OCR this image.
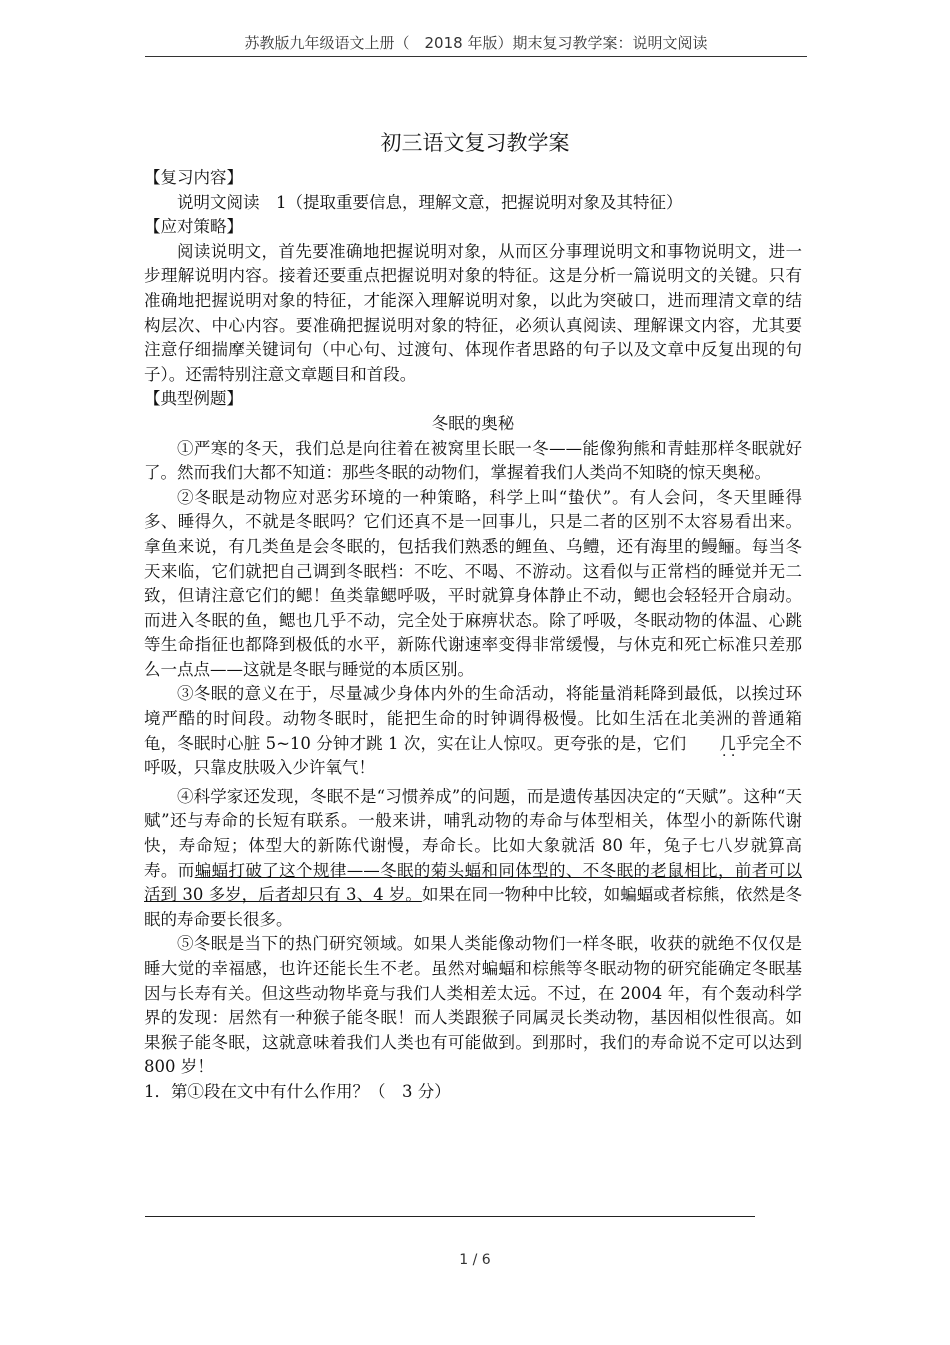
苏教版九年级语文上册（　2018 年版）期末复习教学案：说明文阅读
初三语文复习教学案

【复习内容】

说明文阅读　1（提取重要信息，理解文意，把握说明对象及其特征）

【应对策略】

阅读说明文，首先要准确地把握说明对象，从而区分事理说明文和事物说明文，进一步理解说明内容。接着还要重点把握说明对象的特征。这是分析一篇说明文的关键。只有准确地把握说明对象的特征，才能深入理解说明对象，以此为突破口，进而理清文章的结构层次、中心内容。要准确把握说明对象的特征，必须认真阅读、理解课文内容，尤其要注意仔细揣摩关键词句（中心句、过渡句、体现作者思路的句子以及文章中反复出现的句子）。还需特别注意文章题目和首段。

【典型例题】

冬眠的奥秘

①严寒的冬天，我们总是向往着在被窝里长眠一冬——能像狗熊和青蛙那样冬眠就好了。然而我们大都不知道：那些冬眠的动物们，掌握着我们人类尚不知晓的惊天奥秘。

②冬眠是动物应对恶劣环境的一种策略，科学上叫“蛰伏”。有人会问，冬天里睡得多、睡得久，不就是冬眠吗？它们还真不是一回事儿，只是二者的区别不太容易看出来。拿鱼来说，有几类鱼是会冬眠的，包括我们熟悉的鲤鱼、乌鳢，还有海里的鳗鲡。每当冬天来临，它们就把自己调到冬眠档：不吃、不喝、不游动。这看似与正常档的睡觉并无二致，但请注意它们的鳃！鱼类靠鳃呼吸，平时就算身体静止不动，鳃也会轻轻开合扇动。而进入冬眠的鱼，鳃也几乎不动，完全处于麻痹状态。除了呼吸，冬眠动物的体温、心跳等生命指征也都降到极低的水平，新陈代谢速率变得非常缓慢，与休克和死亡标准只差那么一点点——这就是冬眠与睡觉的本质区别。

③冬眠的意义在于，尽量减少身体内外的生命活动，将能量消耗降到最低，以挨过环境严酷的时间段。动物冬眠时，能把生命的时钟调得极慢。比如生活在北美洲的普通箱龟，冬眠时心脏 5~10 分钟才跳 1 次，实在让人惊叹。更夸张的是，它们 几乎 · ·完全不呼吸，只靠皮肤吸入少许氧气！

④科学家还发现，冬眠不是“习惯养成”的问题，而是遗传基因决定的“天赋”。这种“天赋”还与寿命的长短有联系。一般来讲，哺乳动物的寿命与体型相关，体型小的新陈代谢快，寿命短；体型大的新陈代谢慢，寿命长。比如大象就活 80 年，兔子七八岁就算高寿。而蝙蝠打破了这个规律——冬眠的菊头蝠和同体型的、不冬眠的老鼠相比，前者可以活到 30 多岁，后者却只有 3、4 岁。如果在同一物种中比较，如蝙蝠或者棕熊，依然是冬眠的寿命要长很多。

⑤冬眠是当下的热门研究领域。如果人类能像动物们一样冬眠，收获的就绝不仅仅是睡大觉的幸福感，也许还能长生不老。虽然对蝙蝠和棕熊等冬眠动物的研究能确定冬眠基因与长寿有关。但这些动物毕竟与我们人类相差太远。不过，在 2004 年，有个轰动科学界的发现：居然有一种猴子能冬眠！而人类跟猴子同属灵长类动物，基因相似性很高。如果猴子能冬眠，这就意味着我们人类也有可能做到。到那时，我们的寿命说不定可以达到 800 岁！

1．第①段在文中有什么作用？（　3 分）

1 / 6
